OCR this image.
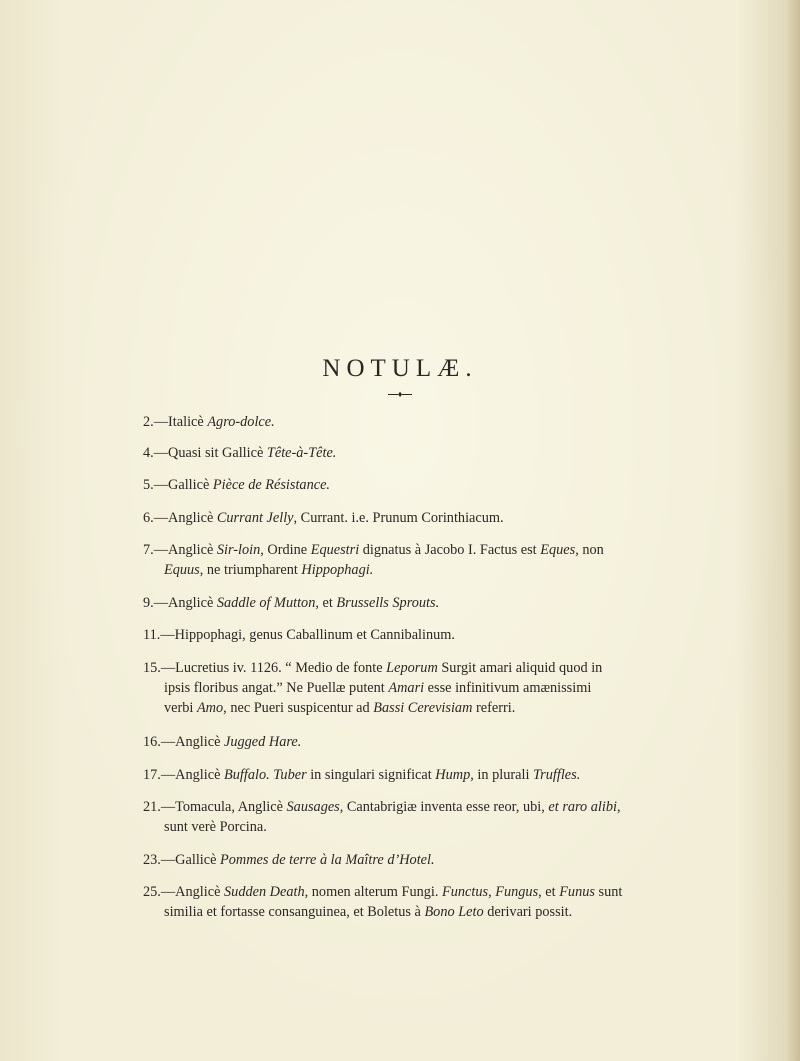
NOTULÆ.
♦
2.—Italicè Agro-dolce.
4.—Quasi sit Gallicè Tête-à-Tête.
5.—Gallicè Pièce de Résistance.
6.—Anglicè Currant Jelly, Currant. i.e. Prunum Corinthiacum.
7.—Anglicè Sir-loin, Ordine Equestri dignatus à Jacobo I. Factus est Eques, non
Equus, ne triumpharent Hippophagi.
9.—Anglicè Saddle of Mutton, et Brussells Sprouts.
11.—Hippophagi, genus Caballinum et Cannibalinum.
15.—Lucretius iv. 1126. “ Medio de fonte Leporum Surgit amari aliquid quod in
ipsis floribus angat.” Ne Puellæ putent Amari esse infinitivum amænissimi
verbi Amo, nec Pueri suspicentur ad Bassi Cerevisiam referri.
16.—Anglicè Jugged Hare.
17.—Anglicè Buffalo. Tuber in singulari significat Hump, in plurali Truffles.
21.—Tomacula, Anglicè Sausages, Cantabrigiæ inventa esse reor, ubi, et raro alibi,
sunt verè Porcina.
23.—Gallicè Pommes de terre à la Maître d’Hotel.
25.—Anglicè Sudden Death, nomen alterum Fungi. Functus, Fungus, et Funus sunt
similia et fortasse consanguinea, et Boletus à Bono Leto derivari possit.
